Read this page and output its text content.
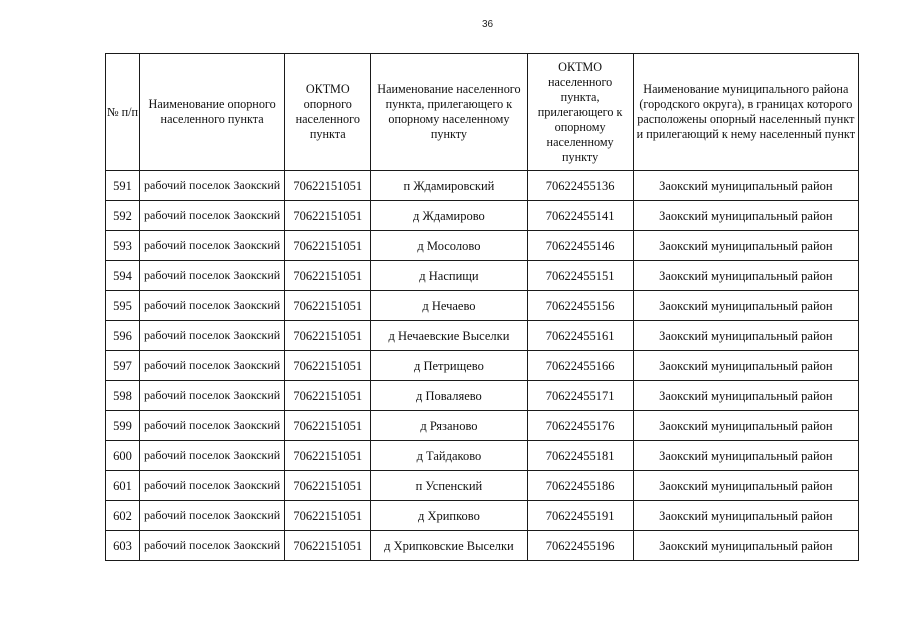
36
№ п/п	Наименование опорного населенного пункта	ОКТМО опорного населенного пункта	Наименование населенного пункта, прилегающего к опорному населенному пункту	ОКТМО населенного пункта, прилегающего к опорному населенному пункту	Наименование муниципального района (городского округа), в границах которого расположены опорный населенный пункт и прилегающий к нему населенный пункт
591	рабочий поселок Заокский	70622151051	п Ждамировский	70622455136	Заокский муниципальный район
592	рабочий поселок Заокский	70622151051	д Ждамирово	70622455141	Заокский муниципальный район
593	рабочий поселок Заокский	70622151051	д Мосолово	70622455146	Заокский муниципальный район
594	рабочий поселок Заокский	70622151051	д Наспищи	70622455151	Заокский муниципальный район
595	рабочий поселок Заокский	70622151051	д Нечаево	70622455156	Заокский муниципальный район
596	рабочий поселок Заокский	70622151051	д Нечаевские Выселки	70622455161	Заокский муниципальный район
597	рабочий поселок Заокский	70622151051	д Петрищево	70622455166	Заокский муниципальный район
598	рабочий поселок Заокский	70622151051	д Поваляево	70622455171	Заокский муниципальный район
599	рабочий поселок Заокский	70622151051	д Рязаново	70622455176	Заокский муниципальный район
600	рабочий поселок Заокский	70622151051	д Тайдаково	70622455181	Заокский муниципальный район
601	рабочий поселок Заокский	70622151051	п Успенский	70622455186	Заокский муниципальный район
602	рабочий поселок Заокский	70622151051	д Хрипково	70622455191	Заокский муниципальный район
603	рабочий поселок Заокский	70622151051	д Хрипковские Выселки	70622455196	Заокский муниципальный район
